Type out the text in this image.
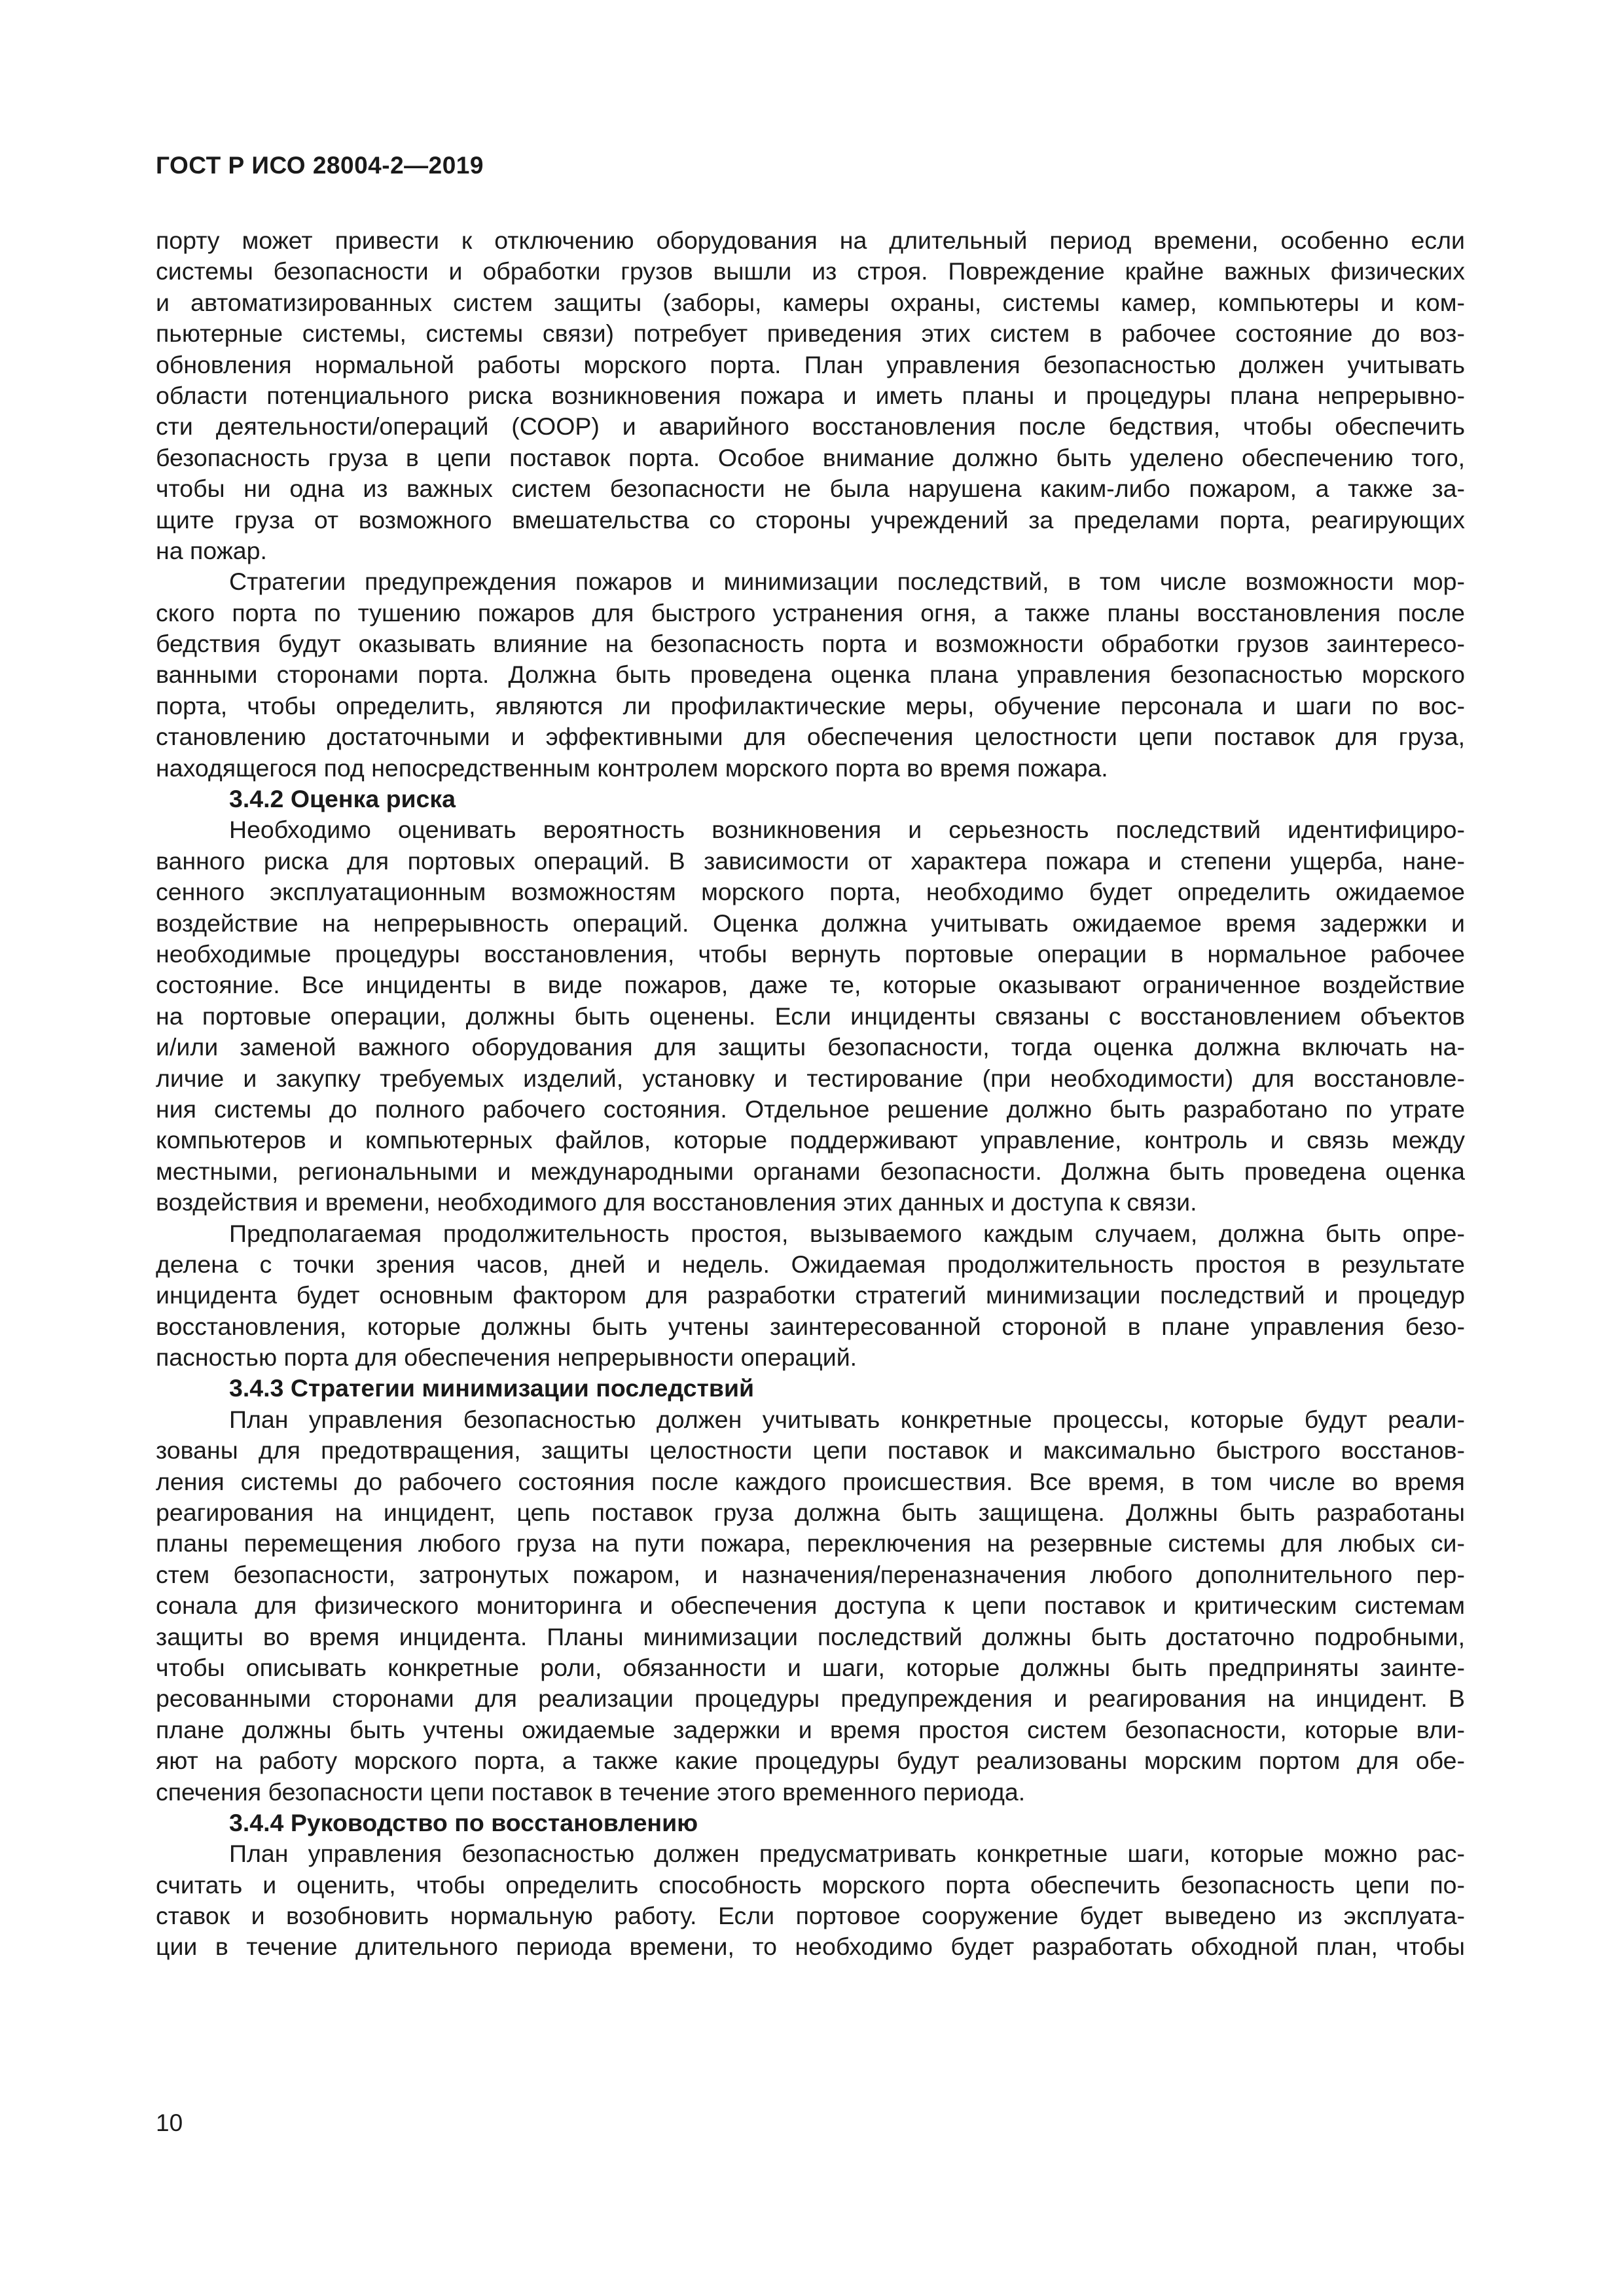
ГОСТ Р ИСО 28004-2—2019
порту может привести к отключению оборудования на длительный период времени, особенно если
системы безопасности и обработки грузов вышли из строя. Повреждение крайне важных физических
и автоматизированных систем защиты (заборы, камеры охраны, системы камер, компьютеры и ком-
пьютерные системы, системы связи) потребует приведения этих систем в рабочее состояние до воз-
обновления нормальной работы морского порта. План управления безопасностью должен учитывать
области потенциального риска возникновения пожара и иметь планы и процедуры плана непрерывно-
сти деятельности/операций (СООР) и аварийного восстановления после бедствия, чтобы обеспечить
безопасность груза в цепи поставок порта. Особое внимание должно быть уделено обеспечению того,
чтобы ни одна из важных систем безопасности не была нарушена каким-либо пожаром, а также за-
щите груза от возможного вмешательства со стороны учреждений за пределами порта, реагирующих
на пожар.
Стратегии предупреждения пожаров и минимизации последствий, в том числе возможности мор-
ского порта по тушению пожаров для быстрого устранения огня, а также планы восстановления после
бедствия будут оказывать влияние на безопасность порта и возможности обработки грузов заинтересо-
ванными сторонами порта. Должна быть проведена оценка плана управления безопасностью морского
порта, чтобы определить, являются ли профилактические меры, обучение персонала и шаги по вос-
становлению достаточными и эффективными для обеспечения целостности цепи поставок для груза,
находящегося под непосредственным контролем морского порта во время пожара.
3.4.2 Оценка риска
Необходимо оценивать вероятность возникновения и серьезность последствий идентифициро-
ванного риска для портовых операций. В зависимости от характера пожара и степени ущерба, нане-
сенного эксплуатационным возможностям морского порта, необходимо будет определить ожидаемое
воздействие на непрерывность операций. Оценка должна учитывать ожидаемое время задержки и
необходимые процедуры восстановления, чтобы вернуть портовые операции в нормальное рабочее
состояние. Все инциденты в виде пожаров, даже те, которые оказывают ограниченное воздействие
на портовые операции, должны быть оценены. Если инциденты связаны с восстановлением объектов
и/или заменой важного оборудования для защиты безопасности, тогда оценка должна включать на-
личие и закупку требуемых изделий, установку и тестирование (при необходимости) для восстановле-
ния системы до полного рабочего состояния. Отдельное решение должно быть разработано по утрате
компьютеров и компьютерных файлов, которые поддерживают управление, контроль и связь между
местными, региональными и международными органами безопасности. Должна быть проведена оценка
воздействия и времени, необходимого для восстановления этих данных и доступа к связи.
Предполагаемая продолжительность простоя, вызываемого каждым случаем, должна быть опре-
делена с точки зрения часов, дней и недель. Ожидаемая продолжительность простоя в результате
инцидента будет основным фактором для разработки стратегий минимизации последствий и процедур
восстановления, которые должны быть учтены заинтересованной стороной в плане управления безо-
пасностью порта для обеспечения непрерывности операций.
3.4.3 Стратегии минимизации последствий
План управления безопасностью должен учитывать конкретные процессы, которые будут реали-
зованы для предотвращения, защиты целостности цепи поставок и максимально быстрого восстанов-
ления системы до рабочего состояния после каждого происшествия. Все время, в том числе во время
реагирования на инцидент, цепь поставок груза должна быть защищена. Должны быть разработаны
планы перемещения любого груза на пути пожара, переключения на резервные системы для любых си-
стем безопасности, затронутых пожаром, и назначения/переназначения любого дополнительного пер-
сонала для физического мониторинга и обеспечения доступа к цепи поставок и критическим системам
защиты во время инцидента. Планы минимизации последствий должны быть достаточно подробными,
чтобы описывать конкретные роли, обязанности и шаги, которые должны быть предприняты заинте-
ресованными сторонами для реализации процедуры предупреждения и реагирования на инцидент. В
плане должны быть учтены ожидаемые задержки и время простоя систем безопасности, которые вли-
яют на работу морского порта, а также какие процедуры будут реализованы морским портом для обе-
спечения безопасности цепи поставок в течение этого временного периода.
3.4.4 Руководство по восстановлению
План управления безопасностью должен предусматривать конкретные шаги, которые можно рас-
считать и оценить, чтобы определить способность морского порта обеспечить безопасность цепи по-
ставок и возобновить нормальную работу. Если портовое сооружение будет выведено из эксплуата-
ции в течение длительного периода времени, то необходимо будет разработать обходной план, чтобы
10
